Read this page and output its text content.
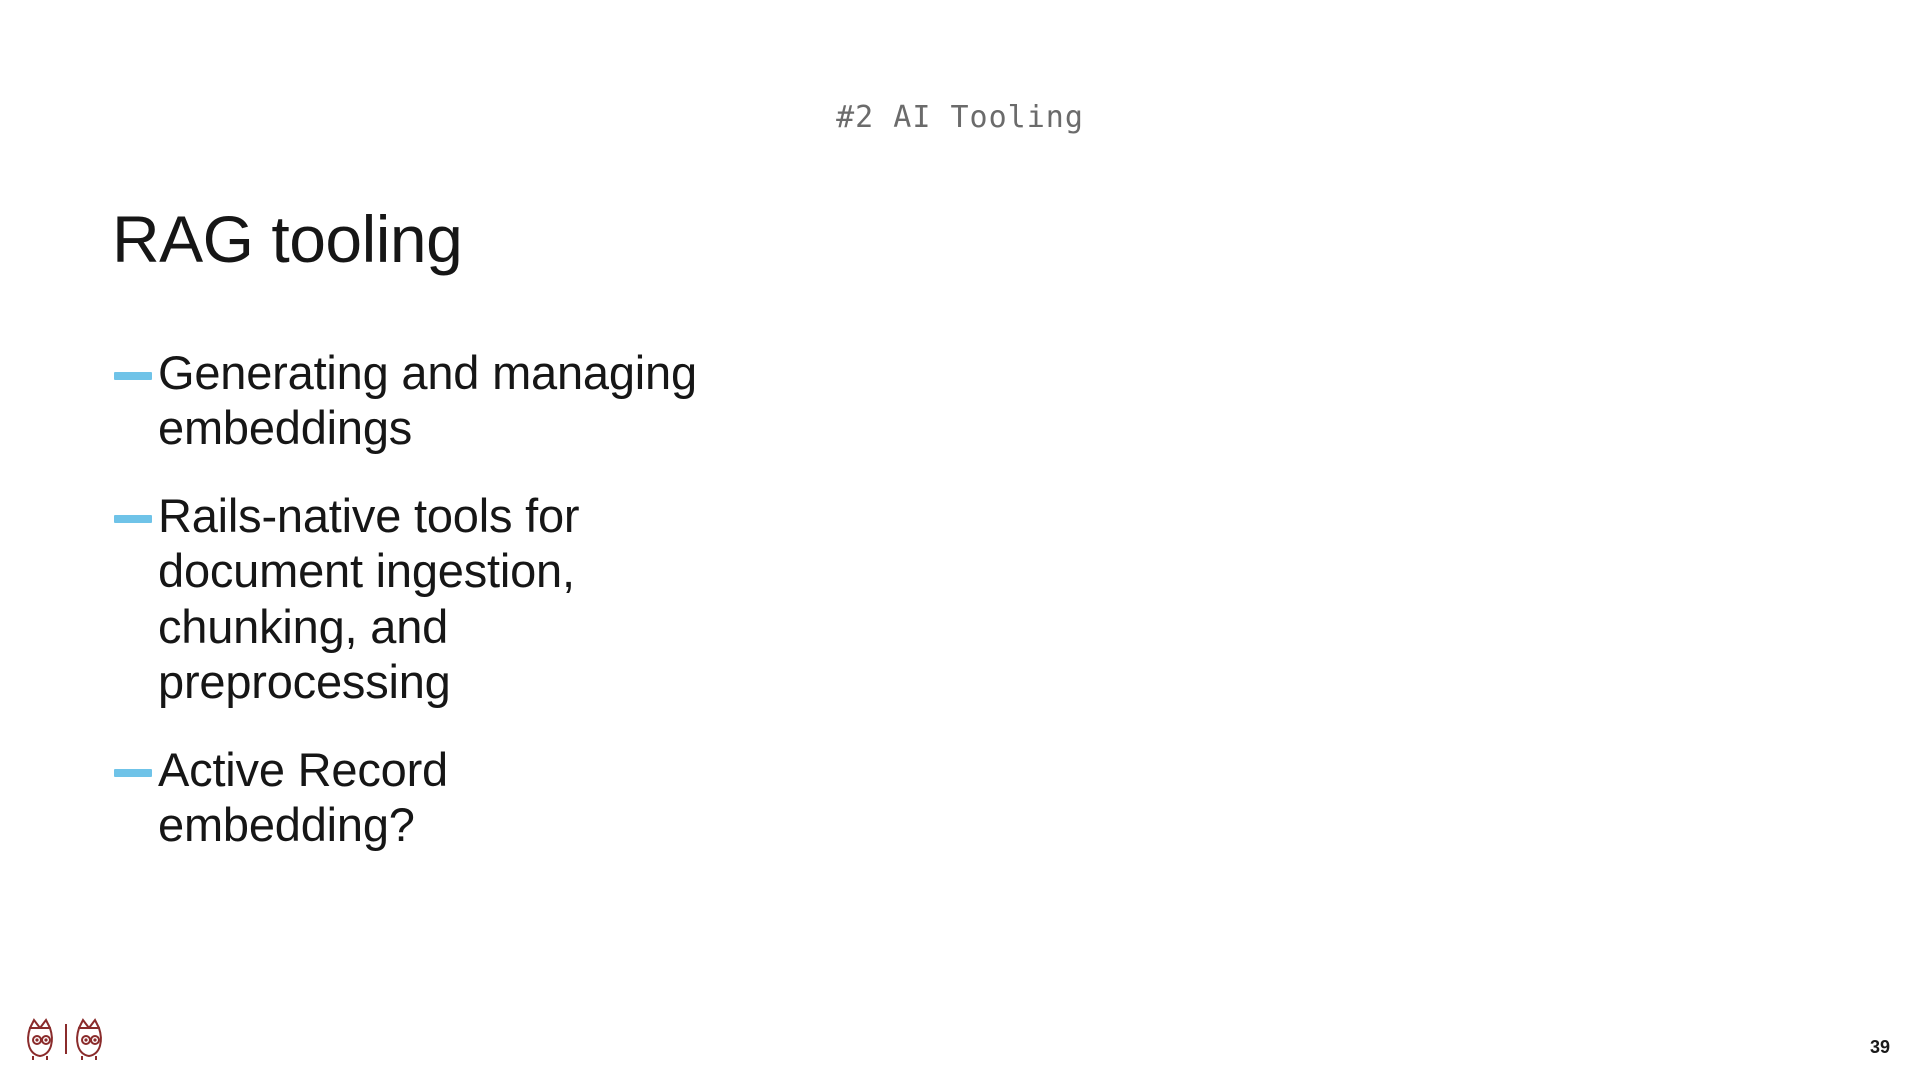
#2 AI Tooling
RAG tooling
Generating and managing embeddings
Rails-native tools for document ingestion, chunking, and preprocessing
Active Record embedding?
39
